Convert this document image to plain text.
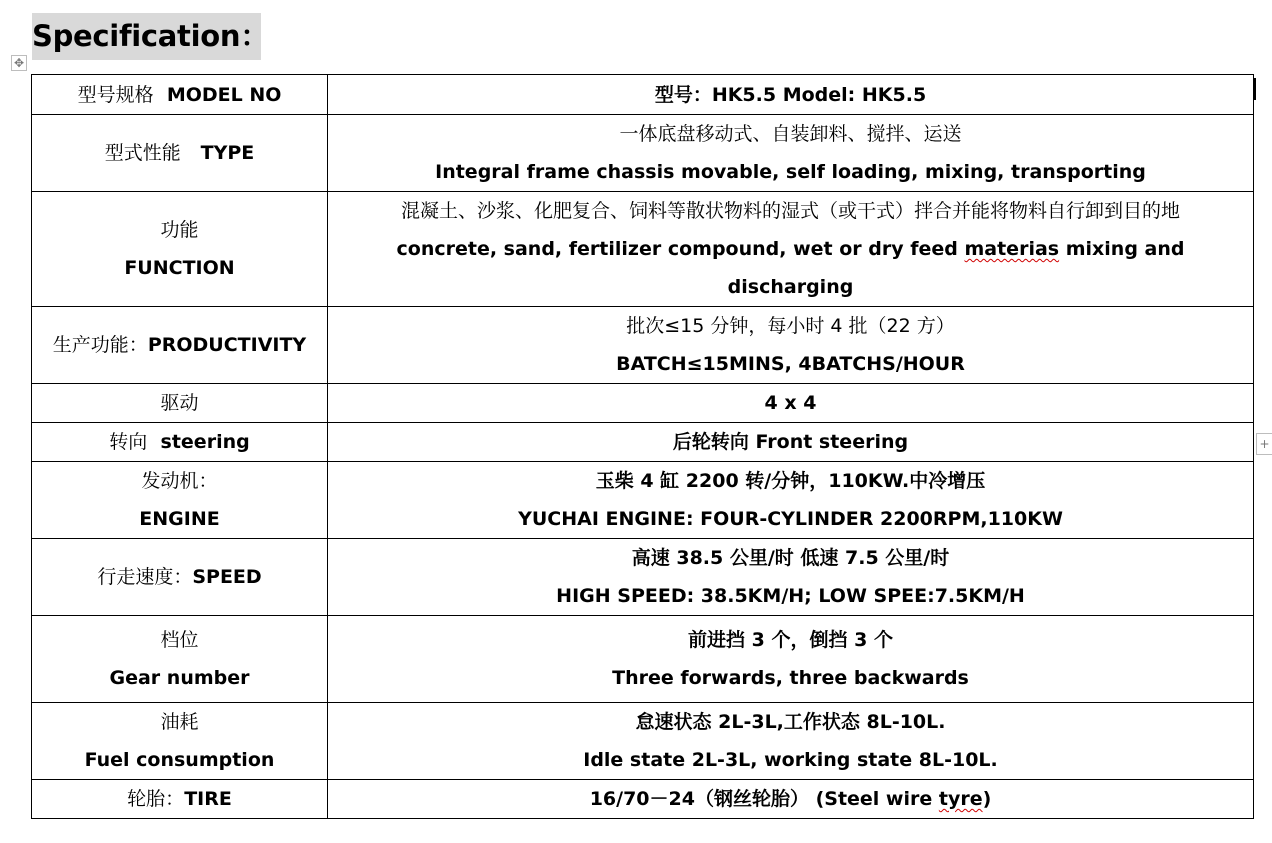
Specification：
✥
+
型号规格 MODEL NO	型号：HK5.5 Model: HK5.5
型式性能 TYPE	一体底盘移动式、自装卸料、搅拌、运送
Integral frame chassis movable, self loading, mixing, transporting

功能
FUNCTION	混凝土、沙浆、化肥复合、饲料等散状物料的湿式（或干式）拌合并能将物料自行卸到目的地
concrete, sand, fertilizer compound, wet or dry feed materias mixing and
discharging

生产功能：PRODUCTIVITY	批次≤15 分钟，每小时 4 批（22 方）
BATCH≤15MINS, 4BATCHS/HOUR

驱动	4 x 4
转向 steering	后轮转向 Front steering

发动机：
ENGINE	玉柴 4 缸 2200 转/分钟，110KW.中冷增压
YUCHAI ENGINE: FOUR-CYLINDER 2200RPM,110KW

行走速度：SPEED	高速 38.5 公里/时 低速 7.5 公里/时
HIGH SPEED: 38.5KM/H; LOW SPEE:7.5KM/H

档位
Gear number	前进挡 3 个，倒挡 3 个
Three forwards, three backwards

油耗
Fuel consumption	怠速状态 2L-3L,工作状态 8L-10L.
Idle state 2L-3L, working state 8L-10L.

轮胎：TIRE	16/70－24（钢丝轮胎） (Steel wire tyre)
